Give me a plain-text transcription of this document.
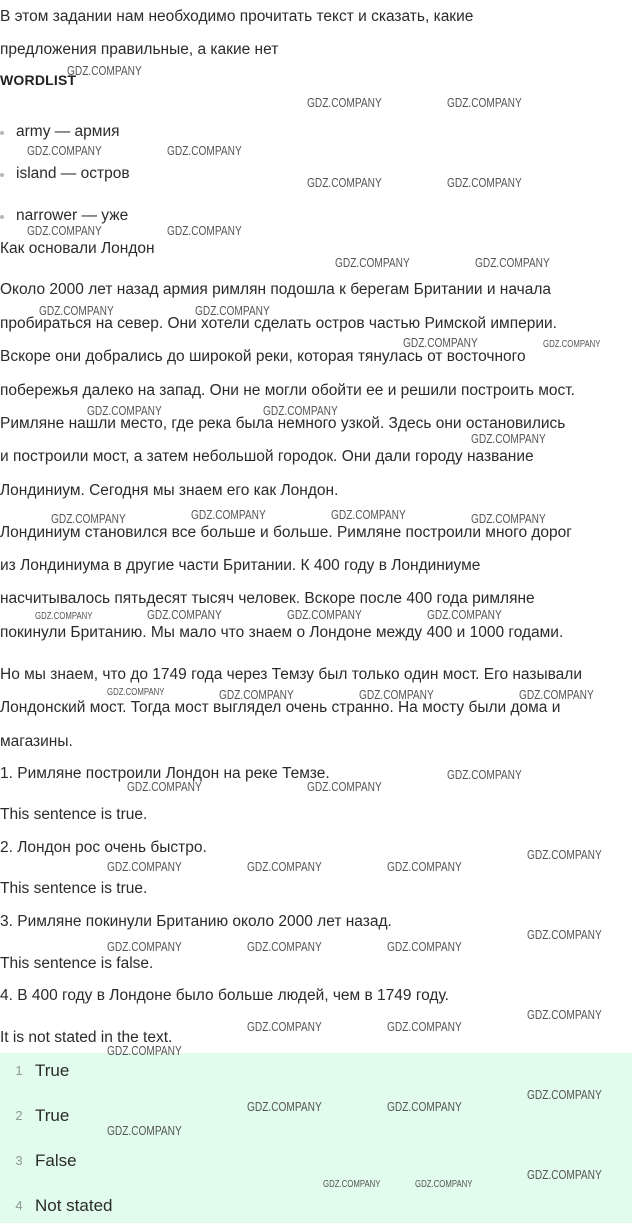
В этом задании нам необходимо прочитать текст и сказать, какие

предложения правильные, а какие нет

WORDLIST
army — армия
island — остров
narrower — уже

Как основали Лондон

Около 2000 лет назад армия римлян подошла к берегам Британии и начала

пробираться на север. Они хотели сделать остров частью Римской империи.

Вскоре они добрались до широкой реки, которая тянулась от восточного

побережья далеко на запад. Они не могли обойти ее и решили построить мост.

Римляне нашли место, где река была немного узкой. Здесь они остановились

и построили мост, а затем небольшой городок. Они дали городу название

Лондиниум. Сегодня мы знаем его как Лондон.

Лондиниум становился все больше и больше. Римляне построили много дорог

из Лондиниума в другие части Британии. К 400 году в Лондиниуме

насчитывалось пятьдесят тысяч человек. Вскоре после 400 года римляне

покинули Британию. Мы мало что знаем о Лондоне между 400 и 1000 годами.

Но мы знаем, что до 1749 года через Темзу был только один мост. Его называли

Лондонский мост. Тогда мост выглядел очень странно. На мосту были дома и

магазины.

1. Римляне построили Лондон на реке Темзе.

This sentence is true.

2. Лондон рос очень быстро.

This sentence is true.

3. Римляне покинули Британию около 2000 лет назад.

This sentence is false.

4. В 400 году в Лондоне было больше людей, чем в 1749 году.

It is not stated in the text.

1 True
2 True
3 False
4 Not stated
GDZ.COMPANY
GDZ.COMPANY	GDZ.COMPANY
GDZ.COMPANY	GDZ.COMPANY
GDZ.COMPANY	GDZ.COMPANY
GDZ.COMPANY	GDZ.COMPANY
GDZ.COMPANY	GDZ.COMPANY
GDZ.COMPANY	GDZ.COMPANY
GDZ.COMPANY	GDZ.COMPANY
GDZ.COMPANY	GDZ.COMPANY
GDZ.COMPANY
GDZ.COMPANY	GDZ.COMPANY	GDZ.COMPANY	GDZ.COMPANY
GDZ.COMPANY	GDZ.COMPANY	GDZ.COMPANY	GDZ.COMPANY
GDZ.COMPANY	GDZ.COMPANY	GDZ.COMPANY	GDZ.COMPANY
GDZ.COMPANY
GDZ.COMPANY	GDZ.COMPANY
GDZ.COMPANY
GDZ.COMPANY	GDZ.COMPANY	GDZ.COMPANY
GDZ.COMPANY
GDZ.COMPANY	GDZ.COMPANY	GDZ.COMPANY
GDZ.COMPANY
GDZ.COMPANY	GDZ.COMPANY
GDZ.COMPANY
GDZ.COMPANY
GDZ.COMPANY	GDZ.COMPANY
GDZ.COMPANY
GDZ.COMPANY
GDZ.COMPANY	GDZ.COMPANY
